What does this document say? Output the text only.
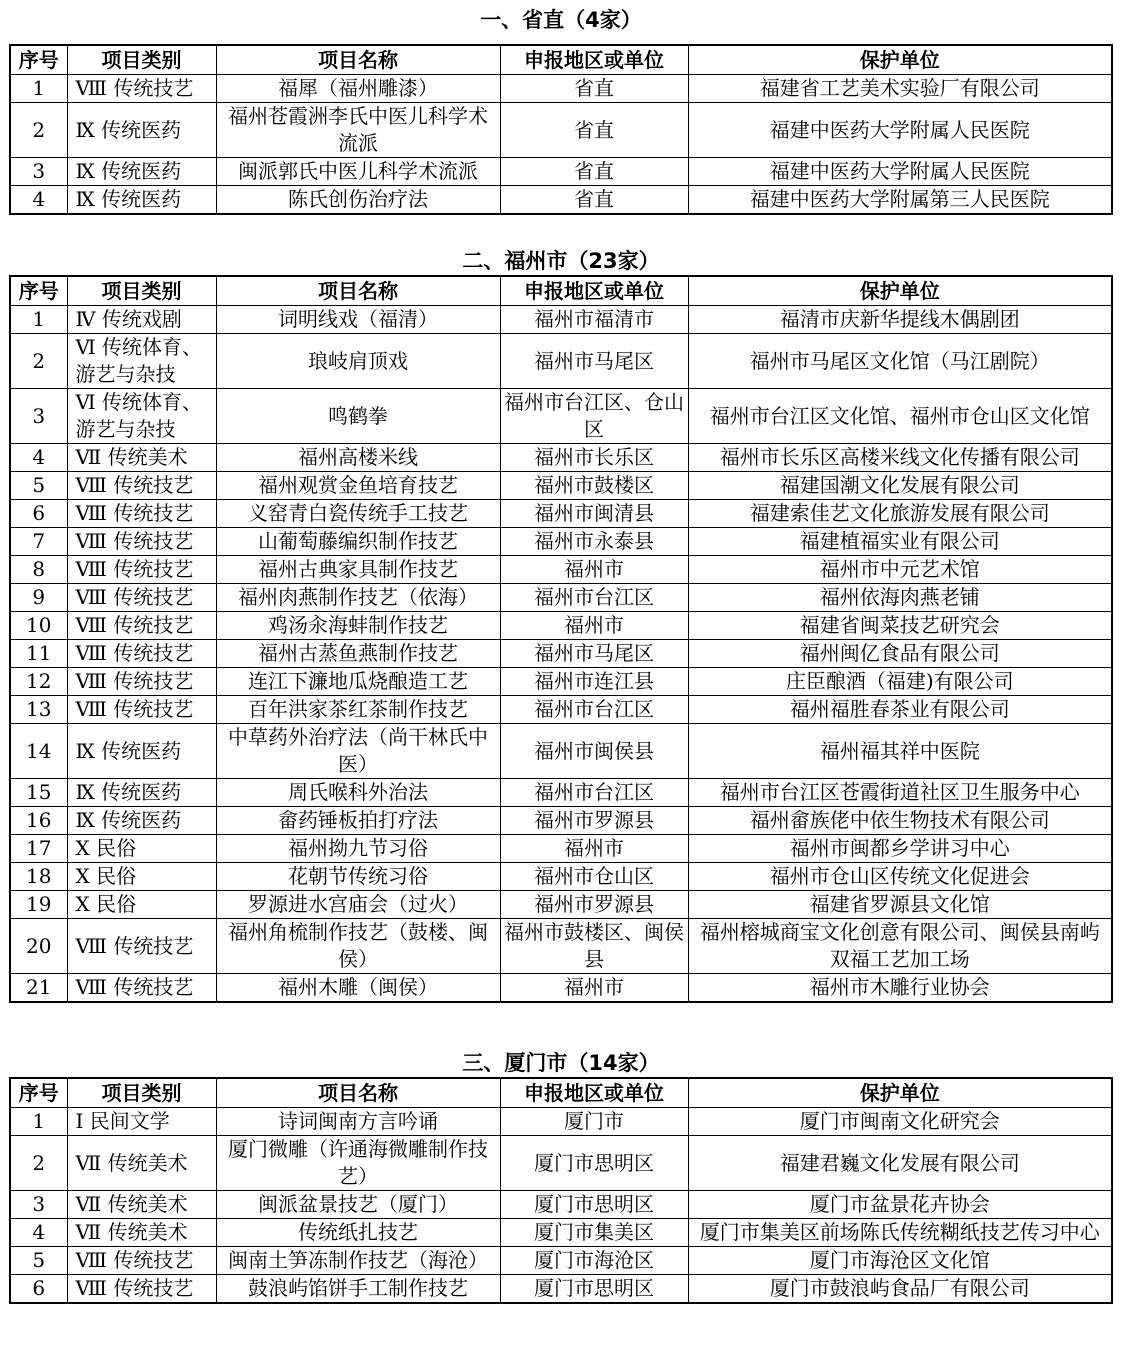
一、省直（4家）
序号	项目类别	项目名称	申报地区或单位	保护单位
1	Ⅷ 传统技艺	福犀（福州雕漆）	省直	福建省工艺美术实验厂有限公司
2	Ⅸ 传统医药	福州苍霞洲李氏中医儿科学术流派	省直	福建中医药大学附属人民医院
3	Ⅸ 传统医药	闽派郭氏中医儿科学术流派	省直	福建中医药大学附属人民医院
4	Ⅸ 传统医药	陈氏创伤治疗法	省直	福建中医药大学附属第三人民医院
二、福州市（23家）
序号	项目类别	项目名称	申报地区或单位	保护单位
1	Ⅳ 传统戏剧	词明线戏（福清）	福州市福清市	福清市庆新华提线木偶剧团
2	Ⅵ 传统体育、游艺与杂技	琅岐肩顶戏	福州市马尾区	福州市马尾区文化馆（马江剧院）
3	Ⅵ 传统体育、游艺与杂技	鸣鹤拳	福州市台江区、仓山区	福州市台江区文化馆、福州市仓山区文化馆
4	Ⅶ 传统美术	福州高楼米线	福州市长乐区	福州市长乐区高楼米线文化传播有限公司
5	Ⅷ 传统技艺	福州观赏金鱼培育技艺	福州市鼓楼区	福建国潮文化发展有限公司
6	Ⅷ 传统技艺	义窑青白瓷传统手工技艺	福州市闽清县	福建索佳艺文化旅游发展有限公司
7	Ⅷ 传统技艺	山葡萄藤编织制作技艺	福州市永泰县	福建植福实业有限公司
8	Ⅷ 传统技艺	福州古典家具制作技艺	福州市	福州市中元艺术馆
9	Ⅷ 传统技艺	福州肉燕制作技艺（依海）	福州市台江区	福州依海肉燕老铺
10	Ⅷ 传统技艺	鸡汤汆海蚌制作技艺	福州市	福建省闽菜技艺研究会
11	Ⅷ 传统技艺	福州古蒸鱼燕制作技艺	福州市马尾区	福州闽亿食品有限公司
12	Ⅷ 传统技艺	连江下濂地瓜烧酿造工艺	福州市连江县	庄臣酿酒（福建)有限公司
13	Ⅷ 传统技艺	百年洪家茶红茶制作技艺	福州市台江区	福州福胜春茶业有限公司
14	Ⅸ 传统医药	中草药外治疗法（尚干林氏中医）	福州市闽侯县	福州福其祥中医院
15	Ⅸ 传统医药	周氏喉科外治法	福州市台江区	福州市台江区苍霞街道社区卫生服务中心
16	Ⅸ 传统医药	畲药锤板拍打疗法	福州市罗源县	福州畲族佬中依生物技术有限公司
17	Ⅹ 民俗	福州拗九节习俗	福州市	福州市闽都乡学讲习中心
18	Ⅹ 民俗	花朝节传统习俗	福州市仓山区	福州市仓山区传统文化促进会
19	Ⅹ 民俗	罗源进水宫庙会（过火）	福州市罗源县	福建省罗源县文化馆
20	Ⅷ 传统技艺	福州角梳制作技艺（鼓楼、闽侯）	福州市鼓楼区、闽侯县	福州榕城商宝文化创意有限公司、闽侯县南屿双福工艺加工场
21	Ⅷ 传统技艺	福州木雕（闽侯）	福州市	福州市木雕行业协会
三、厦门市（14家）
序号	项目类别	项目名称	申报地区或单位	保护单位
1	Ⅰ 民间文学	诗词闽南方言吟诵	厦门市	厦门市闽南文化研究会
2	Ⅶ 传统美术	厦门微雕（许通海微雕制作技艺）	厦门市思明区	福建君巍文化发展有限公司
3	Ⅶ 传统美术	闽派盆景技艺（厦门）	厦门市思明区	厦门市盆景花卉协会
4	Ⅶ 传统美术	传统纸扎技艺	厦门市集美区	厦门市集美区前场陈氏传统糊纸技艺传习中心
5	Ⅷ 传统技艺	闽南土笋冻制作技艺（海沧）	厦门市海沧区	厦门市海沧区文化馆
6	Ⅷ 传统技艺	鼓浪屿馅饼手工制作技艺	厦门市思明区	厦门市鼓浪屿食品厂有限公司
